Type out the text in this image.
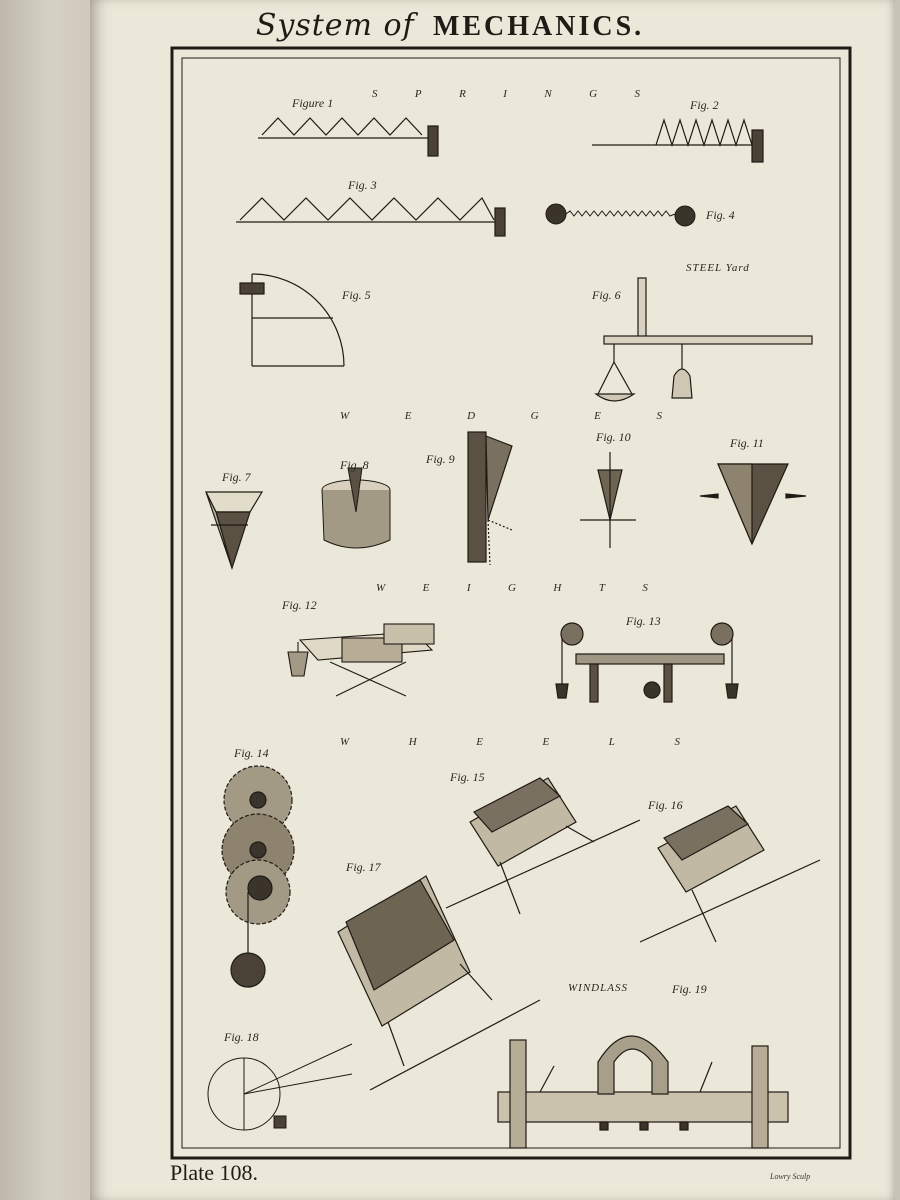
System of MECHANICS.
S	P	R	I	N	G	S
W	E	D	G	E	S
W	E	I	G	H	T	S
W	H	E	E	L	S
Figure 1	Fig. 2
Fig. 3
Fig. 4
Fig. 5	Fig. 6
STEEL Yard
Fig. 7
Fig. 8	Fig. 9
Fig. 10	Fig. 11
Fig. 12
Fig. 13
Fig. 14
Fig. 15
Fig. 16
Fig. 17
Fig. 18
WINDLASS	Fig. 19
Plate 108.	Lowry Sculp
